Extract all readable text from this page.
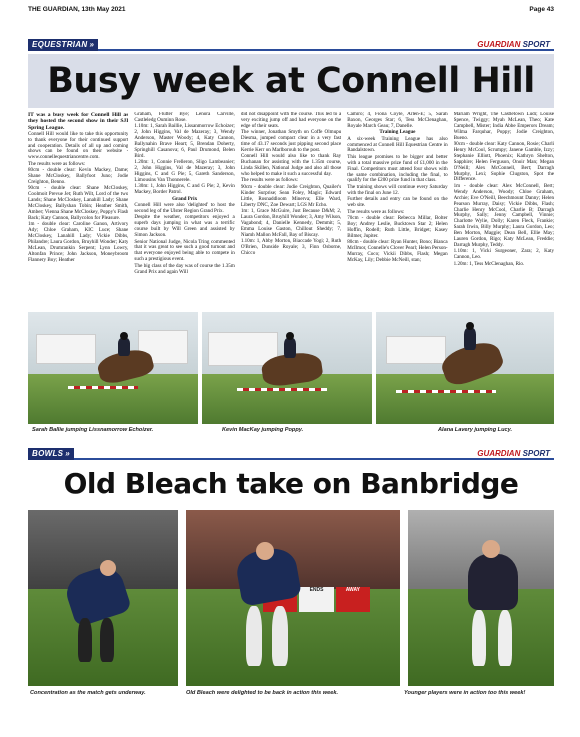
THE GUARDIAN, 13th May 2021	Page 43
EQUESTRIAN »	GUARDIAN SPORT
Busy week at Connell Hill

IT was a busy week for Connell Hill as they hosted the second show in their SJI Spring League.

Connell Hill would like to take this opportunity to thank everyone for their continued support and cooperation. Details of all up and coming shows can be found on their website - www.connellequestriancentre.com.

The results were as follows:

80cm - double clear: Kevin Mackey, Dame; Shane McCloskey, Ballyfoot Juno; Jodie Creighton, Benno.

90cm - double clear: Shane McCloskey, Coolmoit Prevue Jet; Ruth Wilt, Lord of the two Lands; Shane McCloskey, Lanahill Lady; Shane McCloskey, Ballyshan Tobin; Heather Smith, Amber; Vienna Shane McCloskey, Poppy's Flash Back; Katy Cannon, Ballycolon for Pleasure.

1m - double clear: Caroline Ganon, Artivory Ady; Chloe Graham, KIC Luce; Shane McCloskey, Lanahill Lady; Vickie Dibbs, Philandre; Laura Gordon, Bruyhill Wonder; Katy McLean, Drumrankin Serpent; Lynn Lowry, Altonfan Prince; John Jackson, Moneybroom Flannery Boy; Heather

Graham, Flutter Bye; Lenora Carville, Castleledg Ouminn Rose.

1.10m: 1, Sarah Baillie, Lissanmorrow Echoizer; 2, John Higgins, Val de Mazeray; 3, Wendy Anderson, Master Woody; 4, Katy Cannon, Ballynahin Brave Heart; 5, Brendan Doherty, Springhill Casanova; 6, Paul Drumond, Belen Bird.

1.20m: 1, Connie Frelleron, Sligo Lambeanier; 2, John Higgins, Val de Mazeray; 3, John Higgins, C and G Pie; 5, Gareth Sanderson, Limousins Van Thonnerele.

1.30m: 1, John Higgins, C and G Pie; 2, Kevin Mackey, Border Patrol.

Grand Prix

Connell Hill were also 'delighted' to host the second leg of the Ulster Region Grand Prix.

Despite the weather, competitors enjoyed a superb days jumping in what was a terrific course built by Will Green and assisted by Simon Jackson.

Senior National Judge, Nicola Tring commented that it was great to see such a good turnout and that everyone enjoyed being able to compete in such a prestigious event.

The big class of the day was of course the 1.35m Grand Prix and again Will

did not disappoint with the course. This led to a very exciting jump off and had everyone on the edge of their seats.

The winner, Jonathan Smyth on Coffe Olmupu Diesma, jumped compact clear in a very fast time of 43.17 seconds just pipping second place Kerrie Kerr on Marlborouh to the post.

Connell Hill would also like to thank Ray Buchanan for assisting with the 1.35m course, Linda Skillen, National Judge and also all those who helped to make it such a successful day.

The results were as follows:

90cm - double clear: Jodie Creighton, Quailer's Kinder Surprise; Sean Foley, Magic; Edward Little, Rosnaddloom Minerva; Elle Ward, Liberty DNC, Zoe Dewart; LGS Mr Echo.

1m: 1, Grace McGuire, Just Because D&M; 2, Laura Gordon, Bruyhill Wonder; 3, Amy Wilson, Vagabond; 4, Danielle Kennedy, Demmit; 5, Emma Louise Gaston, Chillout Sheddy; 7, Niamh Mallon McFall, Bay of Biscay.

1.10m: 1, Abby Morton, Biaccade Yogi; 2, Ruth O'Brien, Dunside Royale; 3, Finn Osborne, Chicco

Camiro; 4, Fiona Coyle, Arlen-E; 5, Sarah Baxon, Georges Star; 6, Tess McClenaghan, Royale March Geau; 7, Danelle.

Training League

A six-week Training League has also commenced at Connell Hill Equestrian Centre in Randalstown.

This league promises to be bigger and better with a total massive prize fund of £1,000 in the Final. Competitors must attend four shows with the same combination, including the final, to qualify for the £200 prize fund in that class.

The training shows will continue every Saturday with the final on June 12.

Further details and entry can be found on the web site.

The results were as follows:

70cm - double clear: Rebecca Millar, Bolter Boy; Andrey Leslie, Bucktown Star 2; Helen Hoffin, Rodell; Ruth Little, Bridget; Kasey Bilmer, Jupiter.

80cm - double clear: Ryan Hunter, Bono; Bianca McIlmor, Connelle's Clover Pearl; Helen Person-Murray, Coco; Vickii Dibbs, Flash; Megan McKay, Lily; Debbie McNeill, stan;

Mariam Wright, The Castletown Ludi; Louise Spence, Twiggy; Myah McLean, Theo; Kate Campbell, Mister; India Abbe Emperors Dream; Wilma Farquhar, Poppy; Jodie Creighton, Bueno.

90cm - double clear: Katy Cannon, Rosie; Charli Henry McCool, Scrumpy; Janene Gamble, Izzy; Stephanie Elliott, Phoenix; Kathryn Shelton, Sapphire; Helen Ferguson, Onoir Man; Megan O'Neill; Alex McConnell, Bert; Darragh Murphy, Lexi; Sophie Clugston, Spot the Difference.

1m - double clear: Alex McConnell, Bert; Wendy Anderson, Woody; Chloe Graham, Archie; Eve O'Neill, Beechmount Danny; Helen Pearson Murray, Daisy; Vickie Dibbs, Flash; Charlie Henry McCool, Charlie B; Darragh Murphy, Sally; Jenny Campbell, Vinnie; Charlotte Wylie, Dolly; Karen Fleck, Frankie; Sarah Irwin, Billy Murphy; Laura Gordon, Leo; Ben Morton, Maggie; Dean Bell, Ellie May; Lauren Gordon, Rigo; Katy McLean, Freddie; Darragh Murphy, Teddy.

1.10m: 1, Vicki Surgeoner, Zara; 2, Katy Cannon, Leo.

1.20m: 1, Tess McClenaghan, Rio.

Sarah Ballie jumping Lissnamorrow Echoizer.	Kevin MacKay jumping Poppy.	Alana Lavery jumping Lucy.
BOWLS »	GUARDIAN SPORT
Old Bleach take on Banbridge
ENDS	AWAY
Concentration as the match gets underway.	Old Bleach were delighted to be back in action this week.	Younger players were in action too this week!
